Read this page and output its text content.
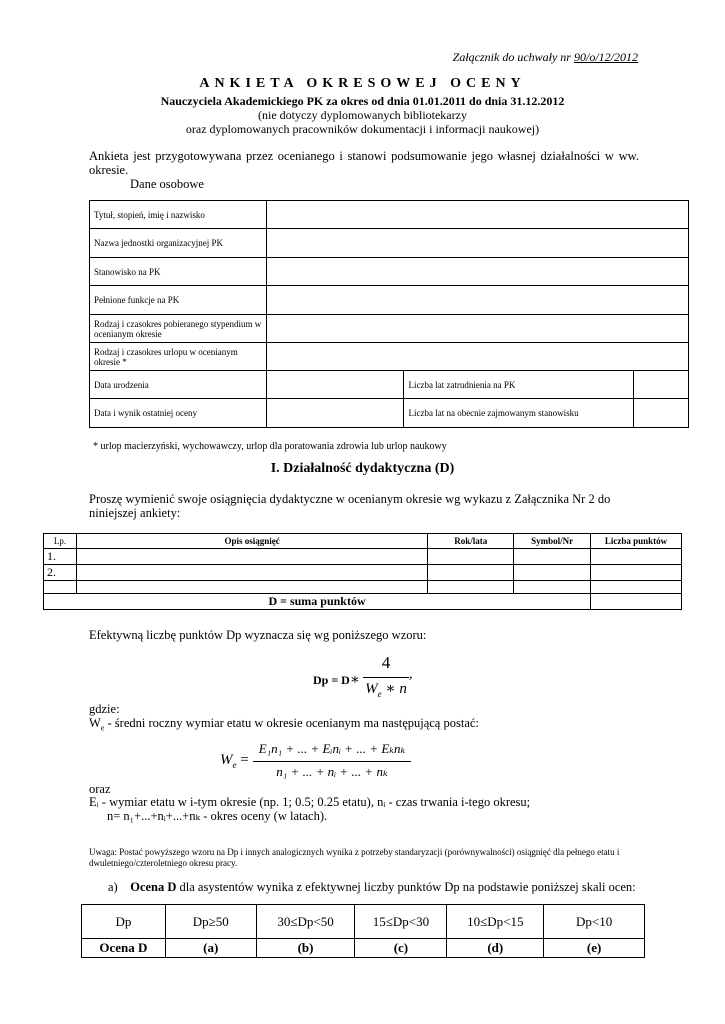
Załącznik do uchwały nr 90/o/12/2012
ANKIETA OKRESOWEJ OCENY
Nauczyciela Akademickiego PK za okres od dnia 01.01.2011 do dnia 31.12.2012
(nie dotyczy dyplomowanych bibliotekarzy
oraz dyplomowanych pracowników dokumentacji i informacji naukowej)
Ankieta jest przygotowywana przez ocenianego i stanowi podsumowanie jego własnej działalności w ww. okresie.
Dane osobowe
Tytuł, stopień, imię i nazwisko			
Nazwa jednostki organizacyjnej PK			
Stanowisko na PK			
Pełnione funkcje na PK			
Rodzaj i czasokres pobieranego stypendium w ocenianym okresie			
Rodzaj i czasokres urlopu w ocenianym okresie *			
Data urodzenia		Liczba lat zatrudnienia na PK	
Data i wynik ostatniej oceny		Liczba lat na obecnie zajmowanym stanowisku	
* urlop macierzyński, wychowawczy, urlop dla poratowania zdrowia lub urlop naukowy
I. Działalność dydaktyczna (D)
Proszę wymienić swoje osiągnięcia dydaktyczne w ocenianym okresie wg wykazu z Załącznika Nr 2 do niniejszej ankiety:
Lp.	Opis osiągnięć	Rok/lata	Symbol/Nr	Liczba punktów
1.				
2.				

D = suma punktów				
Efektywną liczbę punktów Dp wyznacza się wg poniższego wzoru:
Dp = D∗
4
$W_e$ ∗ n
,
gdzie:
$W_e$ - średni roczny wymiar etatu w okresie ocenianym ma następującą postać:
$W_e$ =
E₁n₁ + ... + Eᵢnᵢ + ... + Eₖnₖ
n₁ + ... + nᵢ + ... + nₖ
oraz
Eᵢ - wymiar etatu w i-tym okresie (np. 1; 0.5; 0.25 etatu), nᵢ - czas trwania i-tego okresu;
n= n₁+...+nᵢ+...+nₖ - okres oceny (w latach).
Uwaga: Postać powyższego wzoru na Dp i innych analogicznych wynika z potrzeby standaryzacji (porównywalności) osiągnięć dla pełnego etatu i dwuletniego/czteroletniego okresu pracy.
a) Ocena D dla asystentów wynika z efektywnej liczby punktów Dp na podstawie poniższej skali ocen:
Dp	Dp≥50	30≤Dp<50	15≤Dp<30	10≤Dp<15	Dp<10
Ocena D	(a)	(b)	(c)	(d)	(e)
